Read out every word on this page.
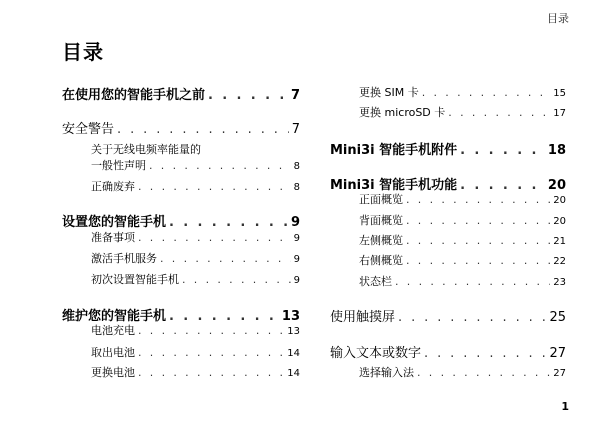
目录
目录
在使用您的智能手机之前 . . .	7
安全警告 . . .	7
关于无线电频率能量的
一般性声明 . . .	8
正确废弃 . . .	8
设置您的智能手机 . . .	9
准备事项 . . .	9
激活手机服务 . . .	9
初次设置智能手机 . . .	9
维护您的智能手机 . . .	13
电池充电 . . .	13
取出电池 . . .	14
更换电池 . . .	14
更换 SIM 卡 . . .	15
更换 microSD 卡 . . .	17
Mini3i 智能手机附件 . . .	18
Mini3i 智能手机功能 . . .	20
正面概览 . . .	20
背面概览 . . .	20
左侧概览 . . .	21
右侧概览 . . .	22
状态栏 . . .	23
使用触摸屏 . . .	25
输入文本或数字 . . .	27
选择输入法 . . .	27
1
